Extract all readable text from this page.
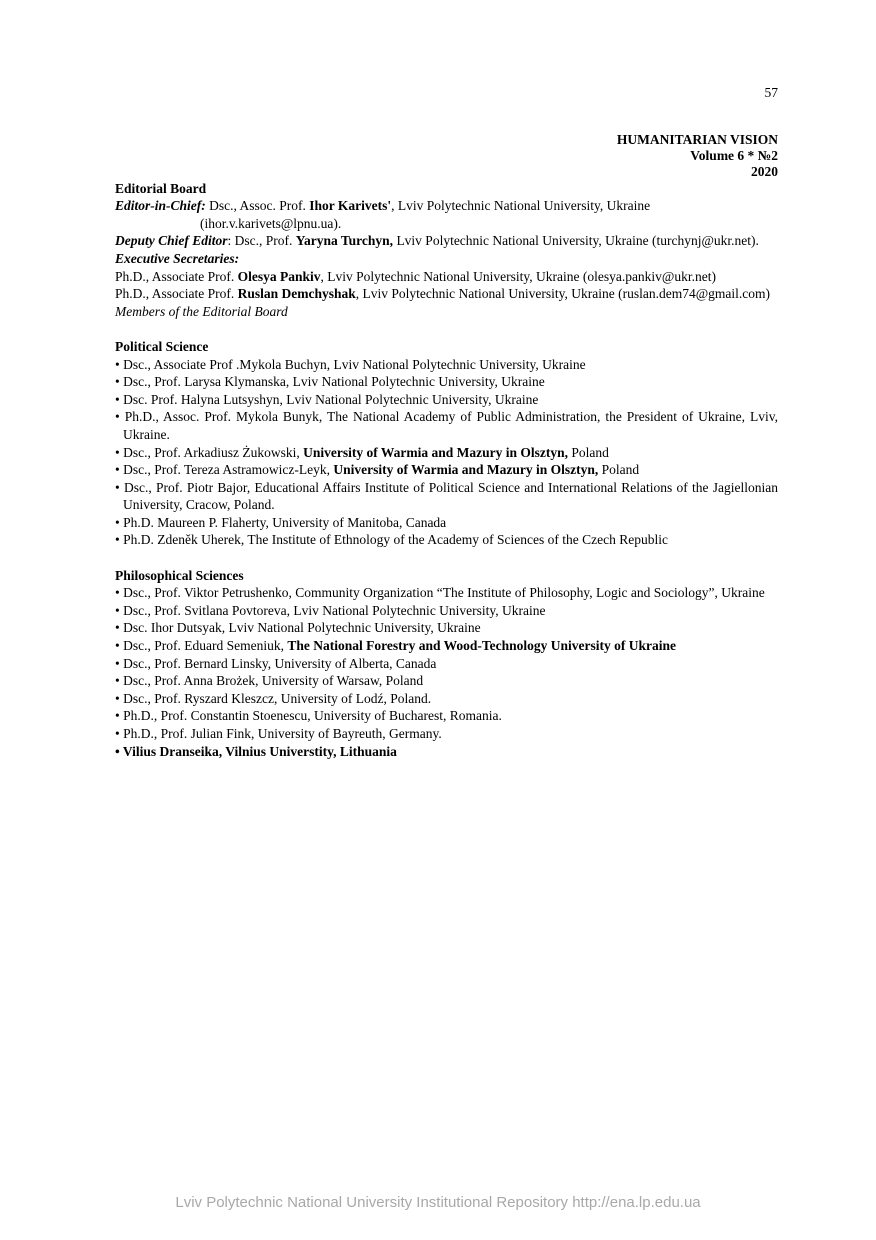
57
HUMANITARIAN VISION
Volume 6 * №2
2020
Editorial Board
Editor-in-Chief: Dsc., Assoc. Prof. Ihor Karivets', Lviv Polytechnic National University, Ukraine
(ihor.v.karivets@lpnu.ua).
Deputy Chief Editor: Dsc., Prof. Yaryna Turchyn, Lviv Polytechnic National University, Ukraine (turchynj@ukr.net).
Executive Secretaries:
Ph.D., Associate Prof. Olesya Pankiv, Lviv Polytechnic National University, Ukraine (olesya.pankiv@ukr.net)
Ph.D., Associate Prof. Ruslan Demchyshak, Lviv Polytechnic National University, Ukraine (ruslan.dem74@gmail.com)
Members of the Editorial Board
Political Science
• Dsc., Associate Prof .Mykola Buchyn, Lviv National Polytechnic University, Ukraine
• Dsc., Prof. Larysa Klymanska, Lviv National Polytechnic University, Ukraine
• Dsc. Prof. Halyna Lutsyshyn, Lviv National Polytechnic University, Ukraine
• Ph.D., Assoc. Prof. Mykola Bunyk, The National Academy of Public Administration, the President of Ukraine, Lviv, Ukraine.
• Dsc., Prof. Arkadiusz Żukowski, University of Warmia and Mazury in Olsztyn, Poland
• Dsc., Prof. Tereza Astramowicz-Leyk, University of Warmia and Mazury in Olsztyn, Poland
• Dsc., Prof. Piotr Bajor, Educational Affairs Institute of Political Science and International Relations of the Jagiellonian University, Cracow, Poland.
• Ph.D. Maureen P. Flaherty, University of Manitoba, Canada
• Ph.D. Zdeněk Uherek, The Institute of Ethnology of the Academy of Sciences of the Czech Republic
Philosophical Sciences
• Dsc., Prof. Viktor Petrushenko, Community Organization “The Institute of Philosophy, Logic and Sociology”, Ukraine
• Dsc., Prof. Svitlana Povtoreva, Lviv National Polytechnic University, Ukraine
• Dsc. Ihor Dutsyak, Lviv National Polytechnic University, Ukraine
• Dsc., Prof. Eduard Semeniuk, The National Forestry and Wood-Technology University of Ukraine
• Dsc., Prof. Bernard Linsky, University of Alberta, Canada
• Dsc., Prof. Anna Brożek, University of Warsaw, Poland
• Dsc., Prof. Ryszard Kleszcz, University of Lodź, Poland.
• Ph.D., Prof. Constantin Stoenescu, University of Bucharest, Romania.
• Ph.D., Prof. Julian Fink, University of Bayreuth, Germany.
• Vilius Dranseika, Vilnius Universtity, Lithuania
Lviv Polytechnic National University Institutional Repository http://ena.lp.edu.ua
